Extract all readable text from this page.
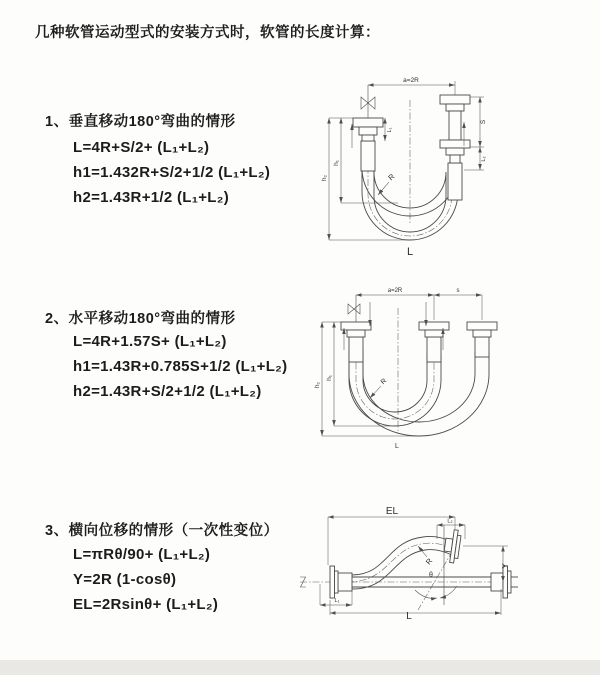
几种软管运动型式的安装方式时，软管的长度计算：
1、垂直移动180°弯曲的情形
L=4R+S/2+ (L₁+L₂)
h1=1.432R+S/2+1/2 (L₁+L₂)
h2=1.43R+1/2 (L₁+L₂)
2、水平移动180°弯曲的情形
L=4R+1.57S+ (L₁+L₂)
h1=1.43R+0.785S+1/2 (L₁+L₂)
h2=1.43R+S/2+1/2 (L₁+L₂)
3、横向位移的情形（一次性变位）
L=πRθ/90+ (L₁+L₂)
Y=2R (1-cosθ)
EL=2Rsinθ+ (L₁+L₂)
a=2R
h₂
h₁
L₁
S
L₂
R
L
a=2R	s
h₂
h₁	R
L
EL
L₂
Y
L
L₁
θ
R
